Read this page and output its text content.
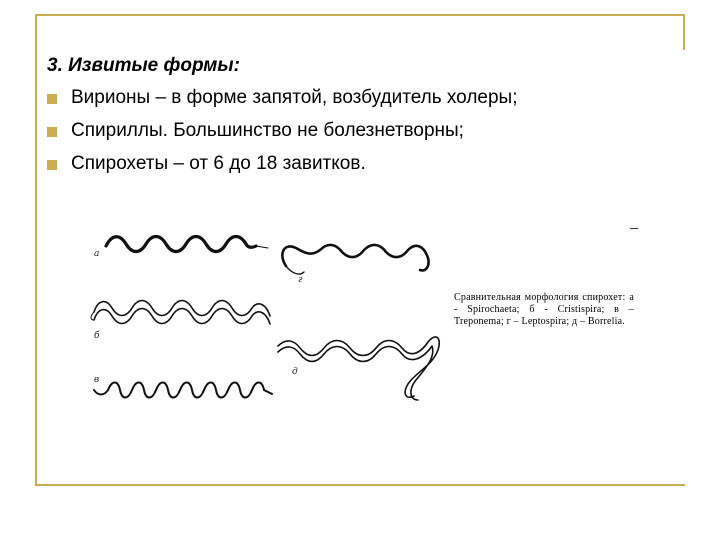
3. Извитые формы:
Вирионы – в форме запятой, возбудитель холеры;
Спириллы. Большинство не болезнетворны;
Спирохеты – от 6 до 18 завитков.
а
г
б
д
в
Сравнительная морфология спирохет: а - Spirochaeta; б - Cristispira; в – Treponema; г – Leptospira; д – Borrelia.
